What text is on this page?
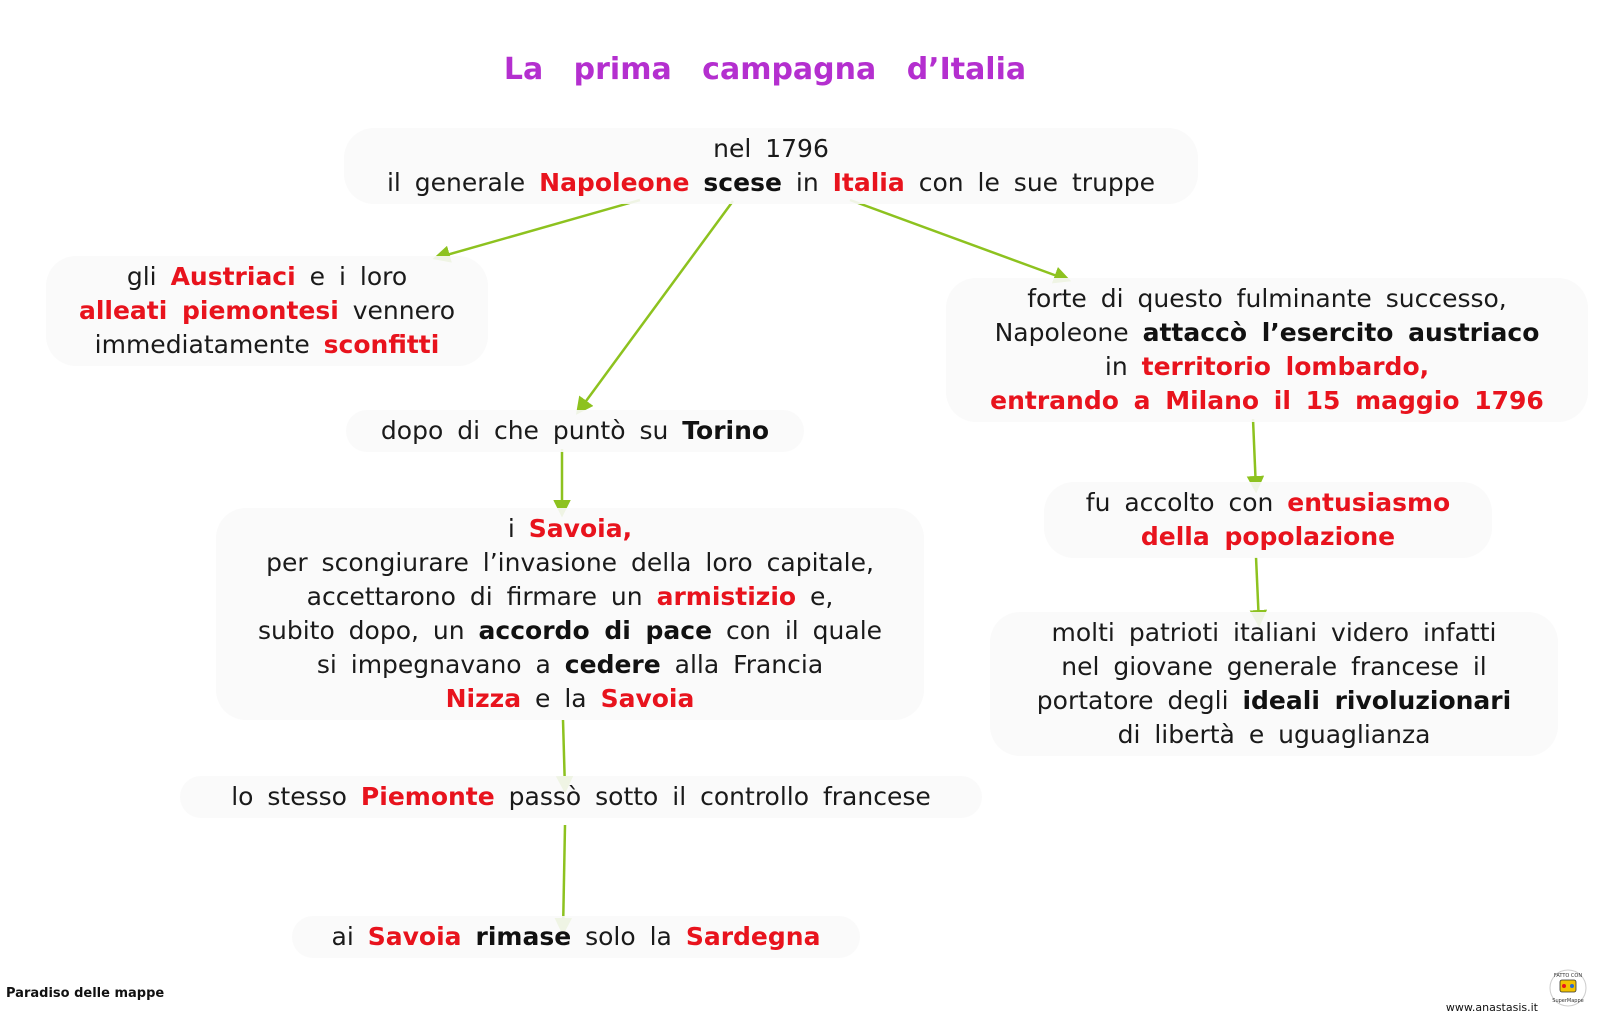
La prima campagna d’Italia
nel 1796
il generale Napoleone scese in Italia con le sue truppe
gli Austriaci e i loro
alleati piemontesi vennero
immediatamente sconfitti
dopo di che puntò su Torino
i Savoia,
per scongiurare l’invasione della loro capitale,
accettarono di firmare un armistizio e,
subito dopo, un accordo di pace con il quale
si impegnavano a cedere alla Francia
Nizza e la Savoia
lo stesso Piemonte passò sotto il controllo francese
ai Savoia rimase solo la Sardegna
forte di questo fulminante successo,
Napoleone attaccò l’esercito austriaco
in territorio lombardo,
entrando a Milano il 15 maggio 1796
fu accolto con entusiasmo
della popolazione
molti patrioti italiani videro infatti
nel giovane generale francese il
portatore degli ideali rivoluzionari
di libertà e uguaglianza
Paradiso delle mappe
www.anastasis.it
FATTO CON
SuperMappe
